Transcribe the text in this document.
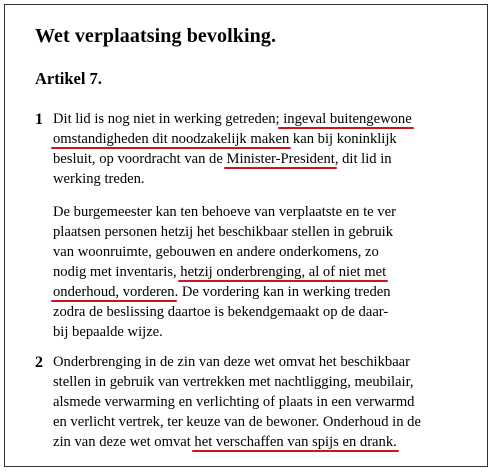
Wet verplaatsing bevolking.
Artikel 7.
1 Dit lid is nog niet in werking getreden; ingeval buitengewone
omstandigheden dit noodzakelijk maken kan bij koninklijk
besluit, op voordracht van de Minister-President, dit lid in
werking treden.
De burgemeester kan ten behoeve van verplaatste en te ver
plaatsen personen hetzij het beschikbaar stellen in gebruik
van woonruimte, gebouwen en andere onderkomens, zo
nodig met inventaris, hetzij onderbrenging, al of niet met
onderhoud, vorderen. De vordering kan in werking treden
zodra de beslissing daartoe is bekendgemaakt op de daar-
bij bepaalde wijze.
2 Onderbrenging in de zin van deze wet omvat het beschikbaar
stellen in gebruik van vertrekken met nachtligging, meubilair,
alsmede verwarming en verlichting of plaats in een verwarmd
en verlicht vertrek, ter keuze van de bewoner. Onderhoud in de
zin van deze wet omvat het verschaffen van spijs en drank.
